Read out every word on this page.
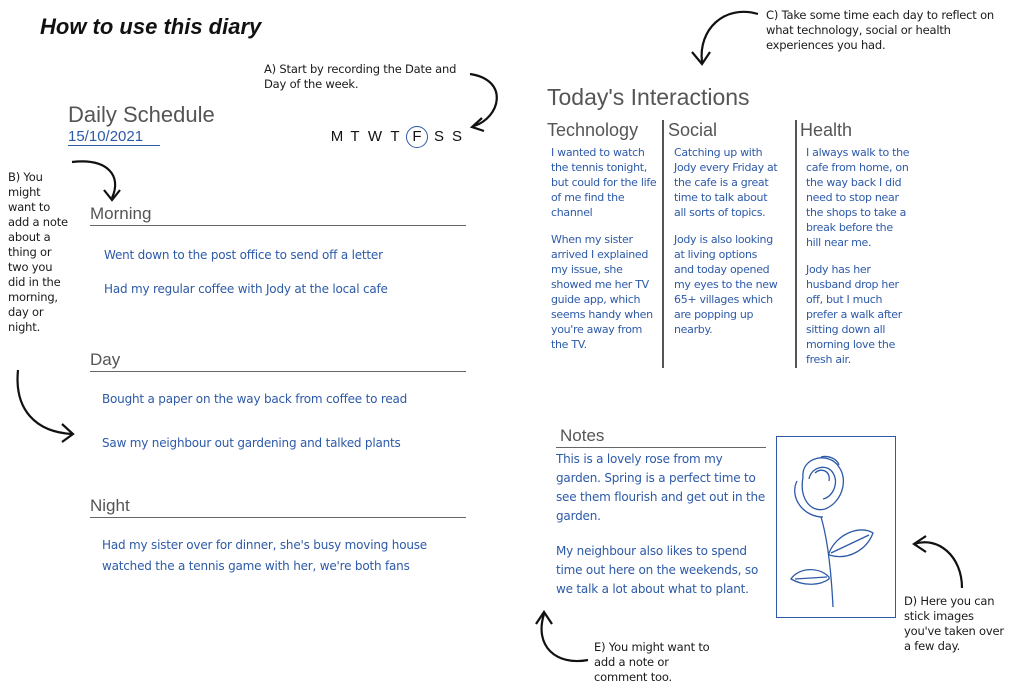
How to use this diary
A) Start by recording the Date and Day of the week.
Daily Schedule
15/10/2021	M T W T F S S
B) You might want to add a note about a thing or two you did in the morning, day or night.
Morning
Went down to the post office to send off a letter
Had my regular coffee with Jody at the local cafe
Day
Bought a paper on the way back from coffee to read
Saw my neighbour out gardening and talked plants
Night
Had my sister over for dinner, she's busy moving house
watched the a tennis game with her, we're both fans
C) Take some time each day to reflect on what technology, social or health experiences you had.
Today's Interactions
Technology
I wanted to watch the tennis tonight, but could for the life of me find the channel
When my sister arrived I explained my issue, she showed me her TV guide app, which seems handy when you're away from the TV.
Social
Catching up with Jody every Friday at the cafe is a great time to talk about all sorts of topics.
Jody is also looking at living options and today opened my eyes to the new 65+ villages which are popping up nearby.
Health
I always walk to the cafe from home, on the way back I did need to stop near the shops to take a break before the hill near me.
Jody has her husband drop her off, but I much prefer a walk after sitting down all morning love the fresh air.
Notes
This is a lovely rose from my garden. Spring is a perfect time to see them flourish and get out in the garden.
My neighbour also likes to spend time out here on the weekends, so we talk a lot about what to plant.
D) Here you can stick images you've taken over a few day.
E) You might want to add a note or comment too.
